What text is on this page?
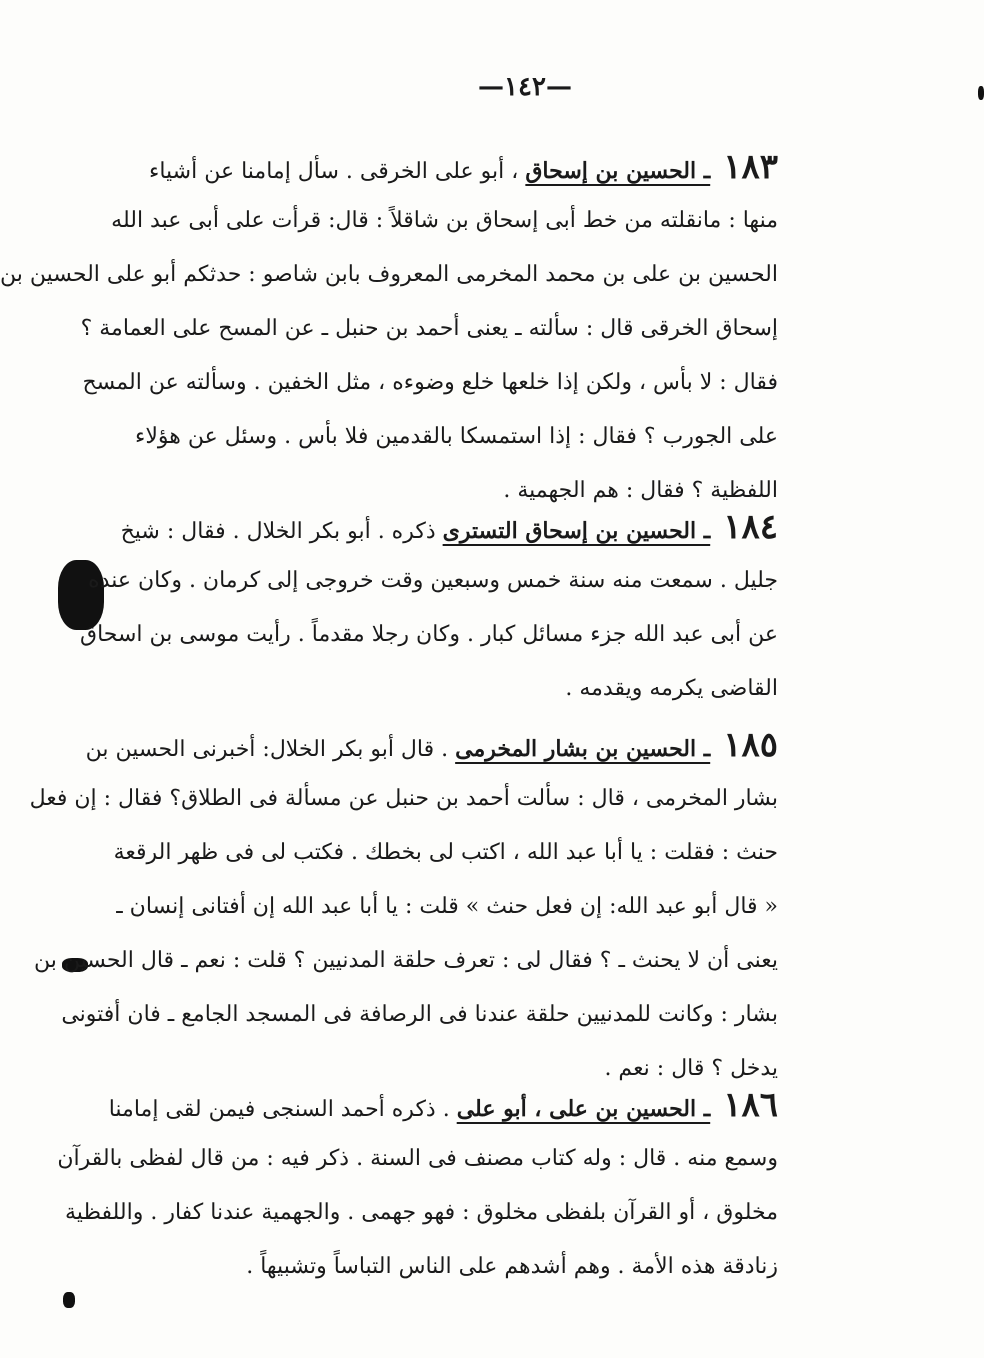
—١٤٢—
١٨٣ ـ الحسين بن إسحاق ، أبو على الخرقى . سأل إمامنا عن أشياء
منها : مانقلته من خط أبى إسحاق بن شاقلاً : قال: قرأت على أبى عبد الله
الحسين بن على بن محمد المخرمى المعروف بابن شاصو : حدثكم أبو على الحسين بن
إسحاق الخرقى قال : سألته ـ يعنى أحمد بن حنبل ـ عن المسح على العمامة ؟
فقال : لا بأس ، ولكن إذا خلعها خلع وضوءه ، مثل الخفين . وسألته عن المسح
على الجورب ؟ فقال : إذا استمسكا بالقدمين فلا بأس . وسئل عن هؤلاء
اللفظية ؟ فقال : هم الجهمية .
١٨٤ ـ الحسين بن إسحاق التسترى ذكره . أبو بكر الخلال . فقال : شيخ
جليل . سمعت منه سنة خمس وسبعين وقت خروجى إلى كرمان . وكان عنده
عن أبى عبد الله جزء مسائل كبار . وكان رجلا مقدماً . رأيت موسى بن اسحاق
القاضى يكرمه ويقدمه .
١٨٥ ـ الحسين بن بشار المخرمى . قال أبو بكر الخلال: أخبرنى الحسين بن
بشار المخرمى ، قال : سألت أحمد بن حنبل عن مسألة فى الطلاق؟ فقال : إن فعل
حنث : فقلت : يا أبا عبد الله ، اكتب لى بخطك . فكتب لى فى ظهر الرقعة
« قال أبو عبد الله: إن فعل حنث » قلت : يا أبا عبد الله إن أفتانى إنسان ـ
يعنى أن لا يحنث ـ ؟ فقال لى : تعرف حلقة المدنيين ؟ قلت : نعم ـ قال الحسين بن
بشار : وكانت للمدنيين حلقة عندنا فى الرصافة فى المسجد الجامع ـ فان أفتونى
يدخل ؟ قال : نعم .
١٨٦ ـ الحسين بن على ، أبو على . ذكره أحمد السنجى فيمن لقى إمامنا
وسمع منه . قال : وله كتاب مصنف فى السنة . ذكر فيه : من قال لفظى بالقرآن
مخلوق ، أو القرآن بلفظى مخلوق : فهو جهمى . والجهمية عندنا كفار . واللفظية
زنادقة هذه الأمة . وهم أشدهم على الناس التباساً وتشبيهاً .
